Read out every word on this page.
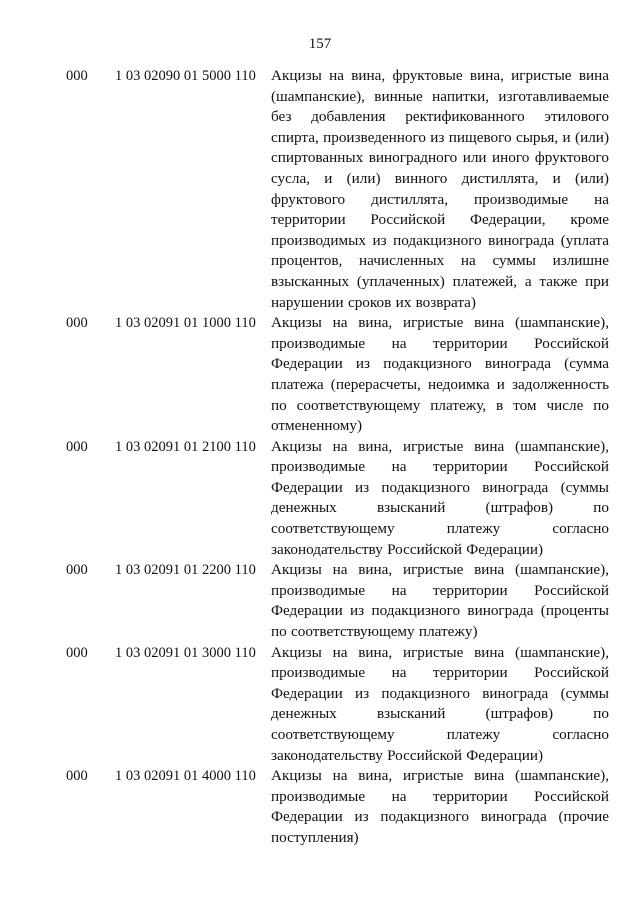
157
000 1 03 02090 01 5000 110 Акцизы на вина, фруктовые вина, игристые вина (шампанские), винные напитки, изготавливаемые без добавления ректификованного этилового спирта, произведенного из пищевого сырья, и (или) спиртованных виноградного или иного фруктового сусла, и (или) винного дистиллята, и (или) фруктового дистиллята, производимые на территории Российской Федерации, кроме производимых из подакцизного винограда (уплата процентов, начисленных на суммы излишне взысканных (уплаченных) платежей, а также при нарушении сроков их возврата)
000 1 03 02091 01 1000 110 Акцизы на вина, игристые вина (шампанские), производимые на территории Российской Федерации из подакцизного винограда (сумма платежа (перерасчеты, недоимка и задолженность по соответствующему платежу, в том числе по отмененному)
000 1 03 02091 01 2100 110 Акцизы на вина, игристые вина (шампанские), производимые на территории Российской Федерации из подакцизного винограда (суммы денежных взысканий (штрафов) по соответствующему платежу согласно законодательству Российской Федерации)
000 1 03 02091 01 2200 110 Акцизы на вина, игристые вина (шампанские), производимые на территории Российской Федерации из подакцизного винограда (проценты по соответствующему платежу)
000 1 03 02091 01 3000 110 Акцизы на вина, игристые вина (шампанские), производимые на территории Российской Федерации из подакцизного винограда (суммы денежных взысканий (штрафов) по соответствующему платежу согласно законодательству Российской Федерации)
000 1 03 02091 01 4000 110 Акцизы на вина, игристые вина (шампанские), производимые на территории Российской Федерации из подакцизного винограда (прочие поступления)
